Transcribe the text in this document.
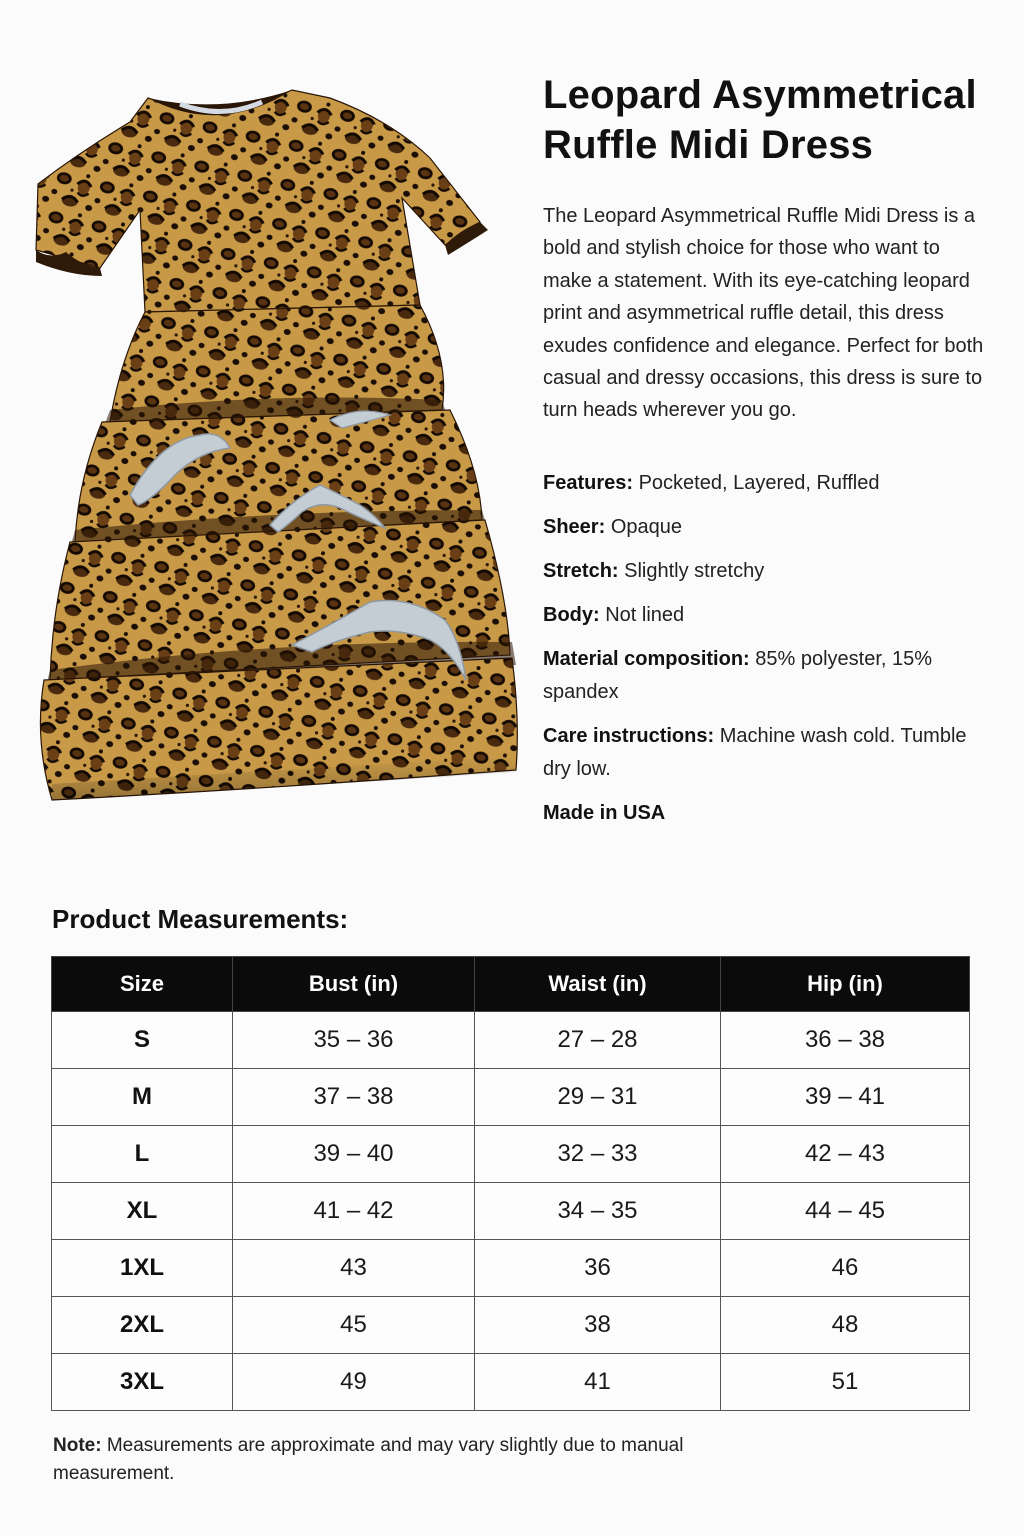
Leopard Asymmetrical
Ruffle Midi Dress

The Leopard Asymmetrical Ruffle Midi Dress is a bold and stylish choice for those who want to make a statement. With its eye-catching leopard print and asymmetrical ruffle detail, this dress exudes confidence and elegance. Perfect for both casual and dressy occasions, this dress is sure to turn heads wherever you go.

Features: Pocketed, Layered, Ruffled
Sheer: Opaque
Stretch: Slightly stretchy
Body: Not lined
Material composition: 85% polyester, 15% spandex
Care instructions: Machine wash cold. Tumble dry low.
Made in USA
Product Measurements:
Size	Bust (in)	Waist (in)	Hip (in)
S	35 – 36	27 – 28	36 – 38
M	37 – 38	29 – 31	39 – 41
L	39 – 40	32 – 33	42 – 43
XL	41 – 42	34 – 35	44 – 45
1XL	43	36	46
2XL	45	38	48
3XL	49	41	51

Note: Measurements are approximate and may vary slightly due to manual measurement.
